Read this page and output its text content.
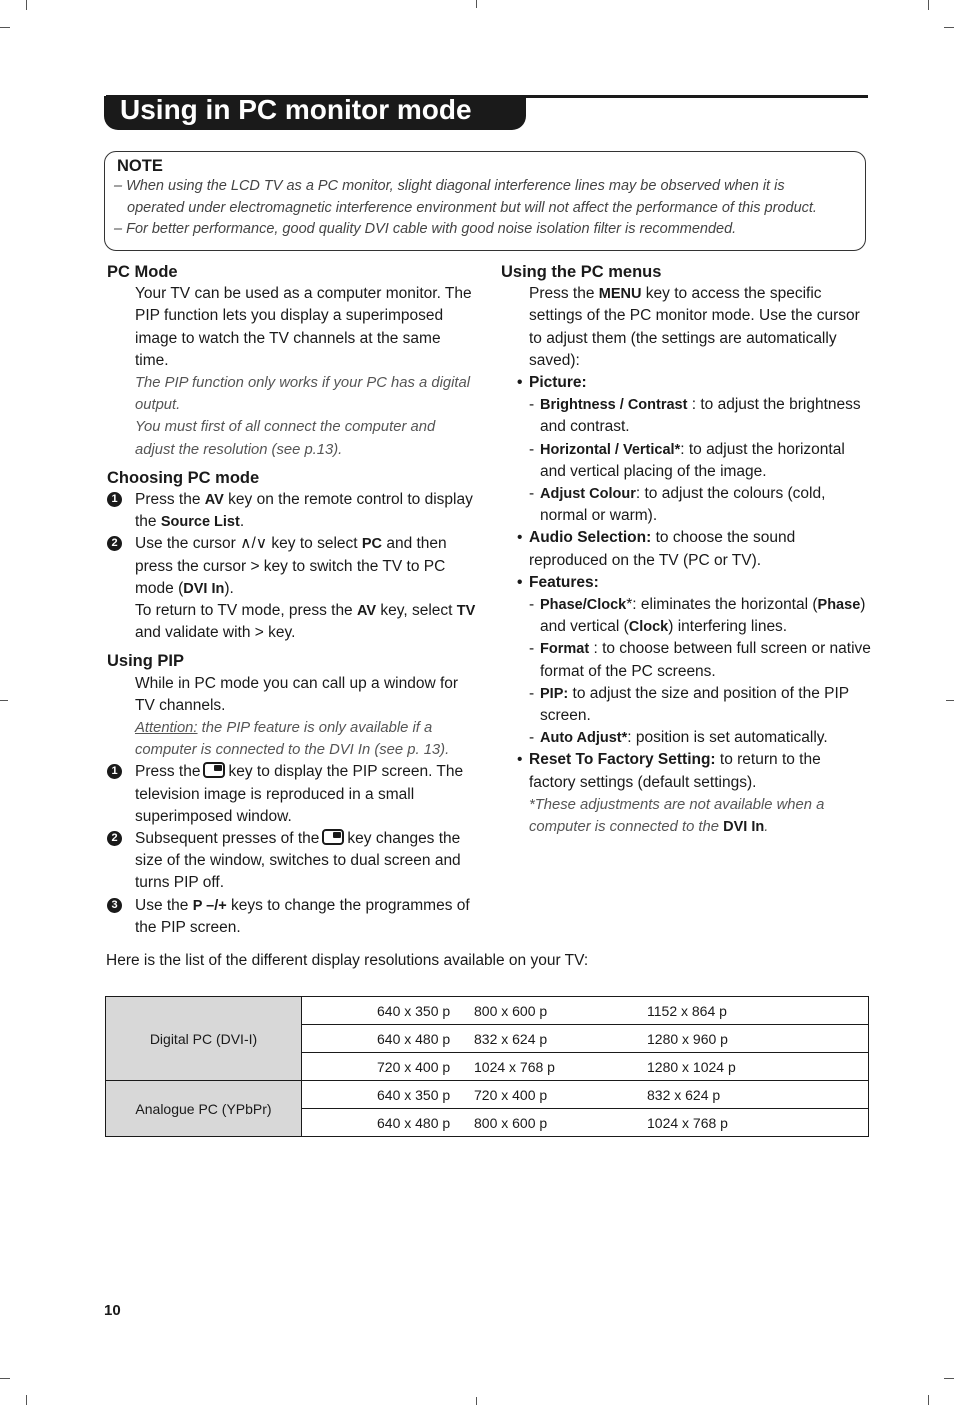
Using in PC monitor mode
NOTE
– When using the LCD TV as a PC monitor, slight diagonal interference lines may be observed when it is
operated under electromagnetic interference environment but will not affect the performance of this product.
– For better performance, good quality DVI cable with good noise isolation filter is recommended.
PC Mode
Your TV can be used as a computer monitor. The PIP function lets you display a superimposed image to watch the TV channels at the same time.
The PIP function only works if your PC has a digital output.
You must first of all connect the computer and adjust the resolution (see p.13).
Choosing PC mode
1 Press the AV key on the remote control to display the Source List.
2 Use the cursor ∧/∨ key to select PC and then press the cursor > key to switch the TV to PC mode (DVI In).
To return to TV mode, press the AV key, select TV and validate with > key.
Using PIP
While in PC mode you can call up a window for TV channels.
Attention: the PIP feature is only available if a computer is connected to the DVI In (see p. 13).
1 Press the key to display the PIP screen. The television image is reproduced in a small superimposed window.
2 Subsequent presses of the key changes the size of the window, switches to dual screen and turns PIP off.
3 Use the P –/+ keys to change the programmes of the PIP screen.
Using the PC menus
Press the MENU key to access the specific settings of the PC monitor mode. Use the cursor to adjust them (the settings are automatically saved):
• Picture:
- Brightness / Contrast : to adjust the brightness and contrast.
- Horizontal / Vertical*: to adjust the horizontal and vertical placing of the image.
- Adjust Colour: to adjust the colours (cold, normal or warm).
• Audio Selection: to choose the sound reproduced on the TV (PC or TV).
• Features:
- Phase/Clock*: eliminates the horizontal (Phase) and vertical (Clock) interfering lines.
- Format : to choose between full screen or native format of the PC screens.
- PIP: to adjust the size and position of the PIP screen.
- Auto Adjust*: position is set automatically.
• Reset To Factory Setting: to return to the factory settings (default settings).
*These adjustments are not available when a computer is connected to the DVI In.
Here is the list of the different display resolutions available on your TV:
Digital PC (DVI-I)	640 x 350 p	800 x 600 p	1152 x 864 p
	640 x 480 p	832 x 624 p	1280 x 960 p
	720 x 400 p	1024 x 768 p	1280 x 1024 p
Analogue PC (YPbPr)	640 x 350 p	720 x 400 p	832 x 624 p
	640 x 480 p	800 x 600 p	1024 x 768 p
10
